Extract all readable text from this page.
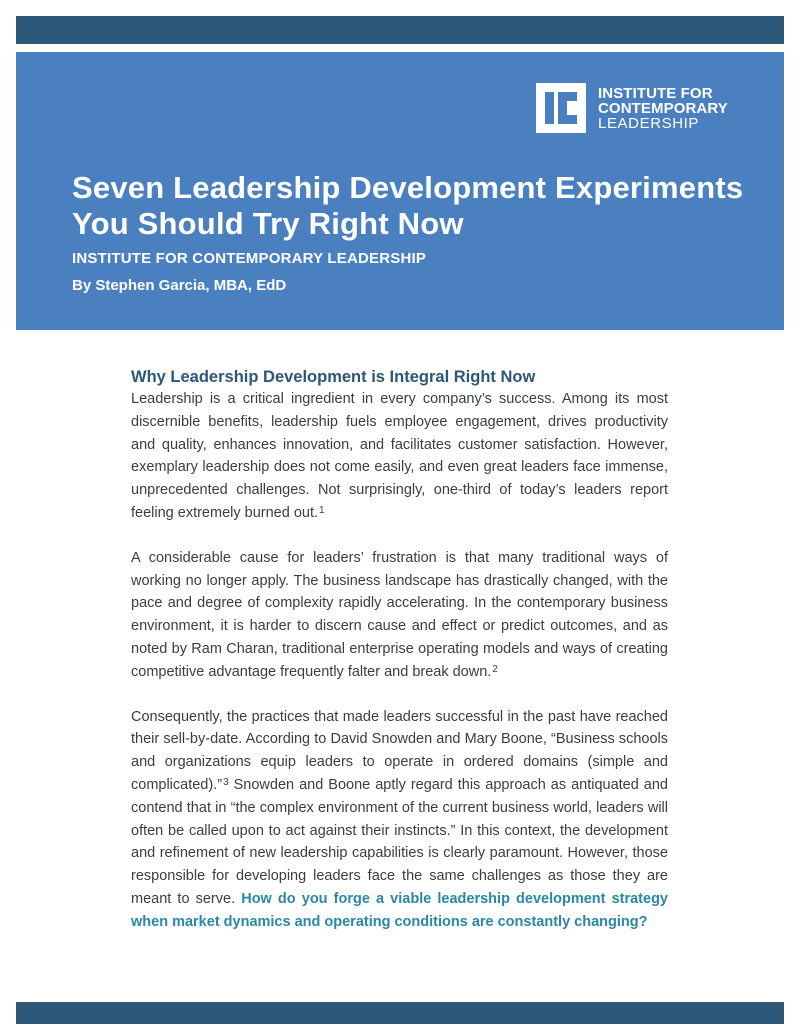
INSTITUTE FOR
CONTEMPORARY
LEADERSHIP
Seven Leadership Development Experiments You Should Try Right Now

INSTITUTE FOR CONTEMPORARY LEADERSHIP

By Stephen Garcia, MBA, EdD

Why Leadership Development is Integral Right Now

Leadership is a critical ingredient in every company’s success. Among its most discernible benefits, leadership fuels employee engagement, drives productivity and quality, enhances innovation, and facilitates customer satisfaction. However, exemplary leadership does not come easily, and even great leaders face immense, unprecedented challenges. Not surprisingly, one-third of today’s leaders report feeling extremely burned out.$^1$

A considerable cause for leaders’ frustration is that many traditional ways of working no longer apply. The business landscape has drastically changed, with the pace and degree of complexity rapidly accelerating. In the contemporary business environment, it is harder to discern cause and effect or predict outcomes, and as noted by Ram Charan, traditional enterprise operating models and ways of creating competitive advantage frequently falter and break down.$^2$

Consequently, the practices that made leaders successful in the past have reached their sell-by-date. According to David Snowden and Mary Boone, “Business schools and organizations equip leaders to operate in ordered domains (simple and complicated).”$^3$ Snowden and Boone aptly regard this approach as antiquated and contend that in “the complex environment of the current business world, leaders will often be called upon to act against their instincts.” In this context, the development and refinement of new leadership capabilities is clearly paramount. However, those responsible for developing leaders face the same challenges as those they are meant to serve. How do you forge a viable leadership development strategy when market dynamics and operating conditions are constantly changing?
